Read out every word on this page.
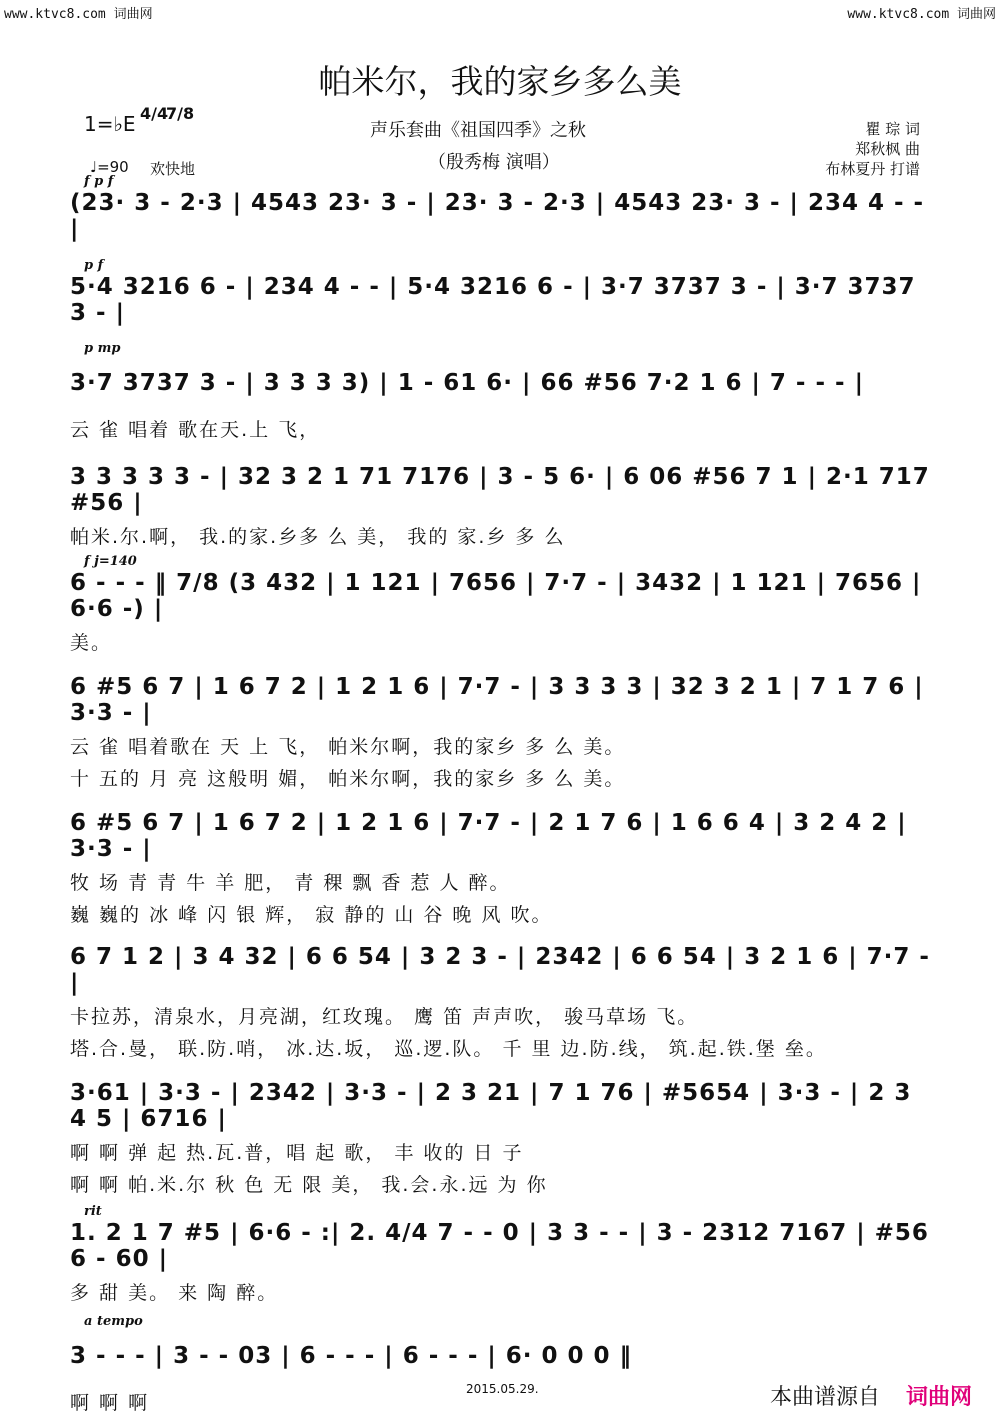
www.ktvc8.com 词曲网	www.ktvc8.com 词曲网
帕米尔，我的家乡多么美
1=♭E 4/4
7/8
♩=90 欢快地
声乐套曲《祖国四季》之秋
（殷秀梅 演唱）
瞿 琮 词
郑秋枫 曲
布林夏丹 打谱
f p f
(23· 3 - 2·3 | 4543 23· 3 - | 23· 3 - 2·3 | 4543 23· 3 - | 234 4 - - |
p f
5·4 3216 6 - | 234 4 - - | 5·4 3216 6 - | 3·7 3737 3 - | 3·7 3737 3 - |
p mp
3·7 3737 3 - | 3 3 3 3) | 1 - 61 6· | 66 #56 7·2 1 6 | 7 - - - |
云 雀 唱着 歌在天.上 飞，
3 3 3 3 3 - | 32 3 2 1 71 7176 | 3 - 5 6· | 6 06 #56 7 1 | 2·1 717 #56 |
帕米.尔.啊， 我.的家.乡多 么 美， 我的 家.乡 多 么
f j=140
6 - - - ‖ 7/8 (3 432 | 1 121 | 7656 | 7·7 - | 3432 | 1 121 | 7656 | 6·6 -) |
美。
6 #5 6 7 | 1 6 7 2 | 1 2 1 6 | 7·7 - | 3 3 3 3 | 32 3 2 1 | 7 1 7 6 | 3·3 - |
云 雀 唱着歌在 天 上 飞， 帕米尔啊，我的家乡 多 么 美。
十 五的 月 亮 这般明 媚， 帕米尔啊，我的家乡 多 么 美。
6 #5 6 7 | 1 6 7 2 | 1 2 1 6 | 7·7 - | 2 1 7 6 | 1 6 6 4 | 3 2 4 2 | 3·3 - |
牧 场 青 青 牛 羊 肥， 青 稞 飘 香 惹 人 醉。
巍 巍的 冰 峰 闪 银 辉， 寂 静的 山 谷 晚 风 吹。
6 7 1 2 | 3 4 32 | 6 6 54 | 3 2 3 - | 2342 | 6 6 54 | 3 2 1 6 | 7·7 - |
卡拉苏，清泉水，月亮湖，红玫瑰。 鹰 笛 声声吹， 骏马草场 飞。
塔.合.曼， 联.防.哨， 冰.达.坂， 巡.逻.队。 千 里 边.防.线， 筑.起.铁.堡 垒。
3·61 | 3·3 - | 2342 | 3·3 - | 2 3 21 | 7 1 76 | #5654 | 3·3 - | 2 3 4 5 | 6716 |
啊 啊 弹 起 热.瓦.普，唱 起 歌， 丰 收的 日 子
啊 啊 帕.米.尔 秋 色 无 限 美， 我.会.永.远 为 你
rit
1. 2 1 7 #5 | 6·6 - :| 2. 4/4 7 - - 0 | 3 3 - - | 3 - 2312 7167 | #56 6 - 60 |
多 甜 美。 来 陶 醉。
a tempo
3 - - - | 3 - - 03 | 6 - - - | 6 - - - | 6· 0 0 0 ‖
啊 啊 啊
2015.05.29.	本曲谱源自 词曲网
